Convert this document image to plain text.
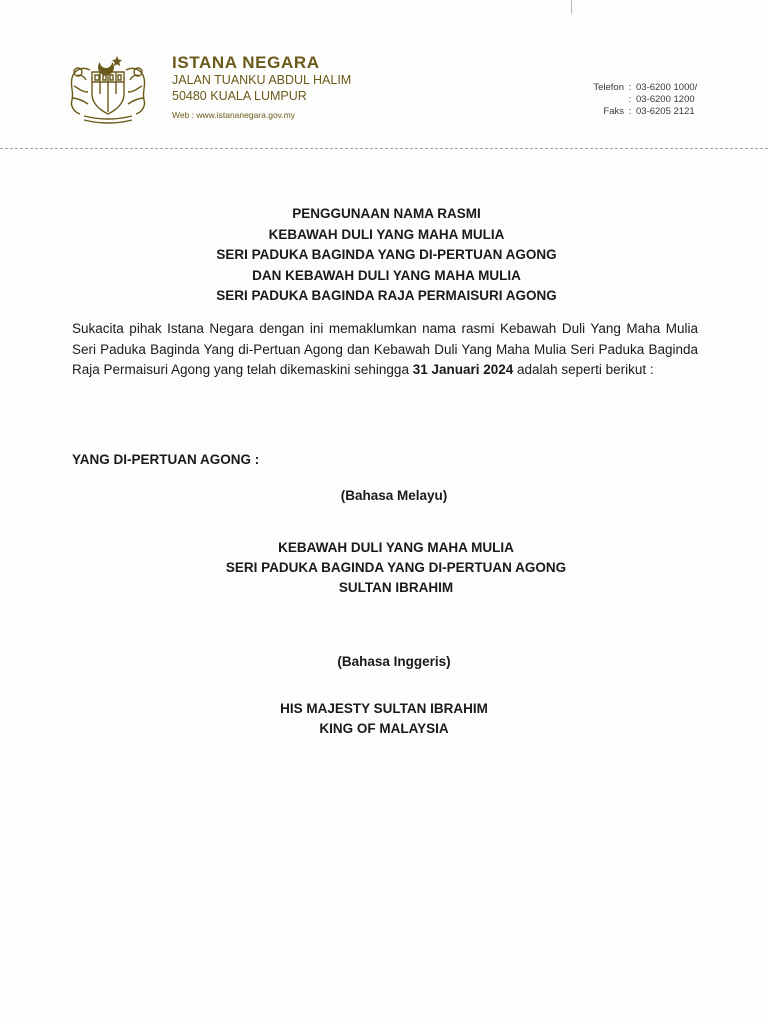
ISTANA NEGARA
JALAN TUANKU ABDUL HALIM
50480 KUALA LUMPUR
Web : www.istananegara.gov.my
Telefon : 03-6200 1000/
: 03-6200 1200
Faks : 03-6205 2121
PENGGUNAAN NAMA RASMI
KEBAWAH DULI YANG MAHA MULIA
SERI PADUKA BAGINDA YANG DI-PERTUAN AGONG
DAN KEBAWAH DULI YANG MAHA MULIA
SERI PADUKA BAGINDA RAJA PERMAISURI AGONG
Sukacita pihak Istana Negara dengan ini memaklumkan nama rasmi Kebawah Duli Yang Maha Mulia Seri Paduka Baginda Yang di-Pertuan Agong dan Kebawah Duli Yang Maha Mulia Seri Paduka Baginda Raja Permaisuri Agong yang telah dikemaskini sehingga 31 Januari 2024 adalah seperti berikut :
YANG DI-PERTUAN AGONG :
(Bahasa Melayu)
KEBAWAH DULI YANG MAHA MULIA
SERI PADUKA BAGINDA YANG DI-PERTUAN AGONG
SULTAN IBRAHIM
(Bahasa Inggeris)
HIS MAJESTY SULTAN IBRAHIM
KING OF MALAYSIA
